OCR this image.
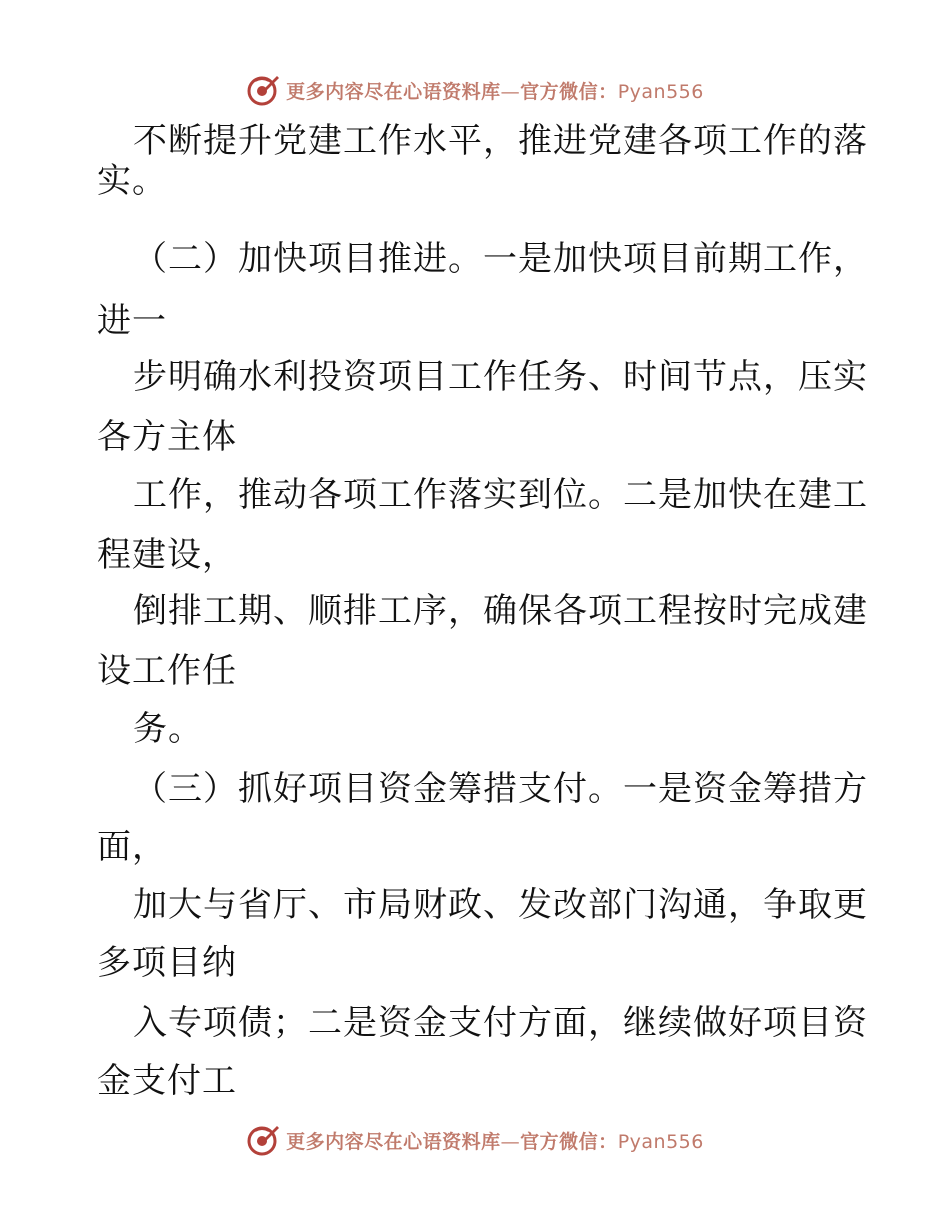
更多内容尽在心语资料库—官方微信：Pyan556
不断提升党建工作水平，推进党建各项工作的落
实。
（二）加快项目推进。一是加快项目前期工作，
进一
步明确水利投资项目工作任务、时间节点，压实
各方主体
工作，推动各项工作落实到位。二是加快在建工
程建设，
倒排工期、顺排工序，确保各项工程按时完成建
设工作任
务。
（三）抓好项目资金筹措支付。一是资金筹措方
面，
加大与省厅、市局财政、发改部门沟通，争取更
多项目纳
入专项债；二是资金支付方面，继续做好项目资
金支付工
更多内容尽在心语资料库—官方微信：Pyan556
